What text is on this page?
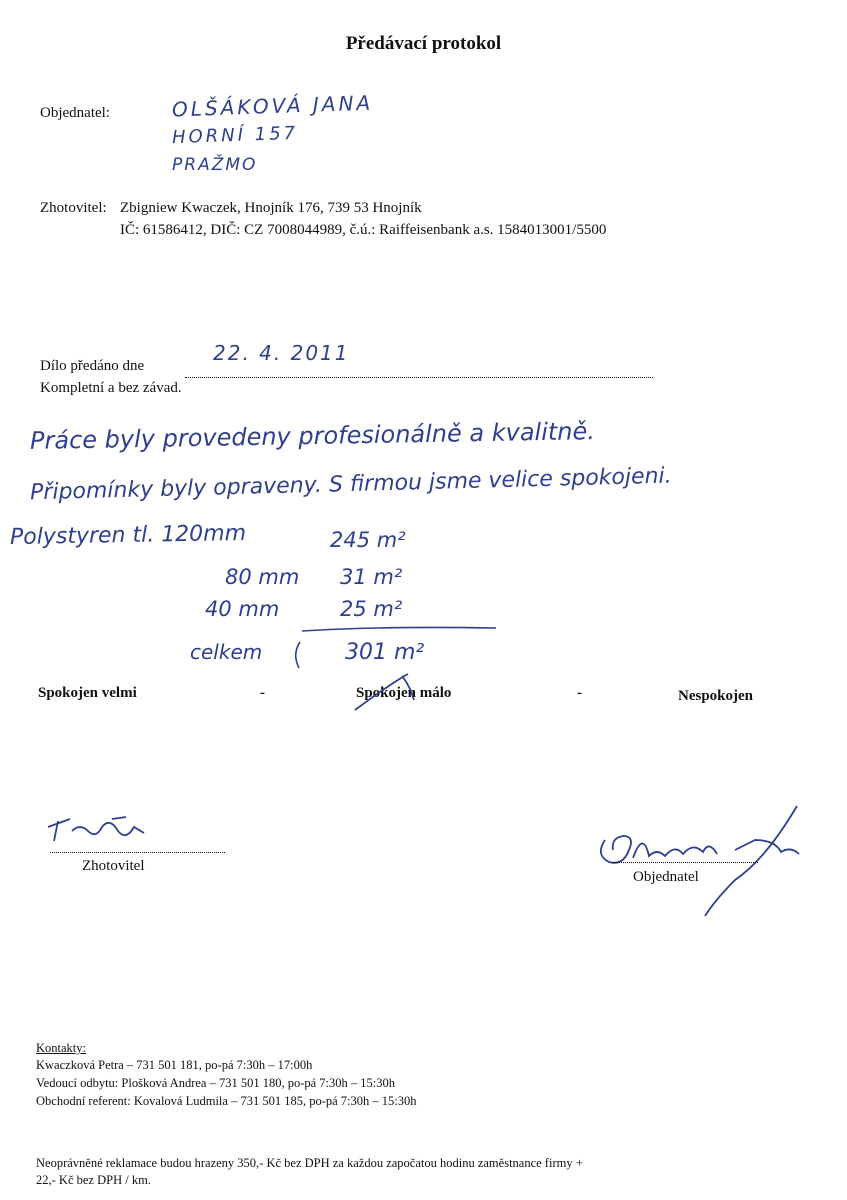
Předávací protokol
Objednatel:	OLŠÁKOVÁ JANA
HORNÍ 157
PRAŽMO
Zhotovitel: Zbigniew Kwaczek, Hnojník 176, 739 53 Hnojník
IČ: 61586412, DIČ: CZ 7008044989, č.ú.: Raiffeisenbank a.s. 1584013001/5500
Dílo předáno dne
22. 4. 2011
Kompletní a bez závad.
Práce byly provedeny profesionálně a kvalitně.
Připomínky byly opraveny. S firmou jsme velice spokojeni.
Polystyren tl. 120mm	245 m²
80 mm 31 m²
40 mm	25 m²
celkem	301 m²
Spokojen velmi	-	Spokojen málo	-	Nespokojen
Zhotovitel
Objednatel
Kontakty:
Kwaczková Petra – 731 501 181, po-pá 7:30h – 17:00h
Vedoucí odbytu: Plošková Andrea – 731 501 180, po-pá 7:30h – 15:30h
Obchodní referent: Kovalová Ludmila – 731 501 185, po-pá 7:30h – 15:30h
Neoprávněné reklamace budou hrazeny 350,- Kč bez DPH za každou započatou hodinu zaměstnance firmy +
22,- Kč bez DPH / km.
